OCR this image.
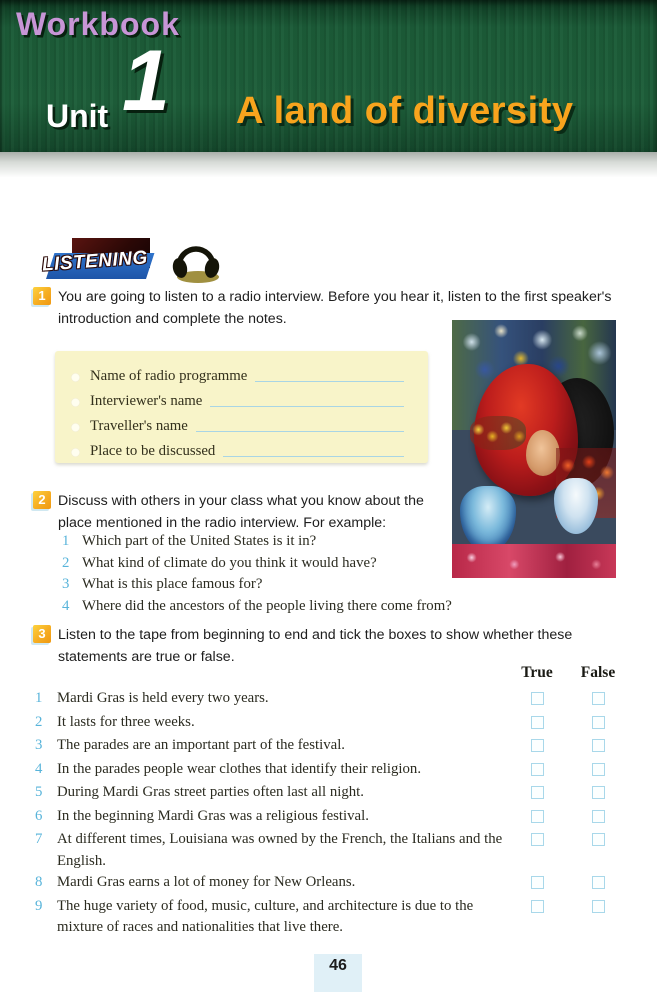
Workbook
Unit 1 A land of diversity
LISTENING
1 You are going to listen to a radio interview. Before you hear it, listen to the first speaker's introduction and complete the notes.
Name of radio programme
Interviewer's name
Traveller's name
Place to be discussed
2 Discuss with others in your class what you know about the place mentioned in the radio interview. For example:
1 Which part of the United States is it in?
2 What kind of climate do you think it would have?
3 What is this place famous for?
4 Where did the ancestors of the people living there come from?
3 Listen to the tape from beginning to end and tick the boxes to show whether these statements are true or false.
True	False
1 Mardi Gras is held every two years.
2 It lasts for three weeks.
3 The parades are an important part of the festival.
4 In the parades people wear clothes that identify their religion.
5 During Mardi Gras street parties often last all night.
6 In the beginning Mardi Gras was a religious festival.
7 At different times, Louisiana was owned by the French, the Italians and the English.
8 Mardi Gras earns a lot of money for New Orleans.
9 The huge variety of food, music, culture, and architecture is due to the mixture of races and nationalities that live there.
46
